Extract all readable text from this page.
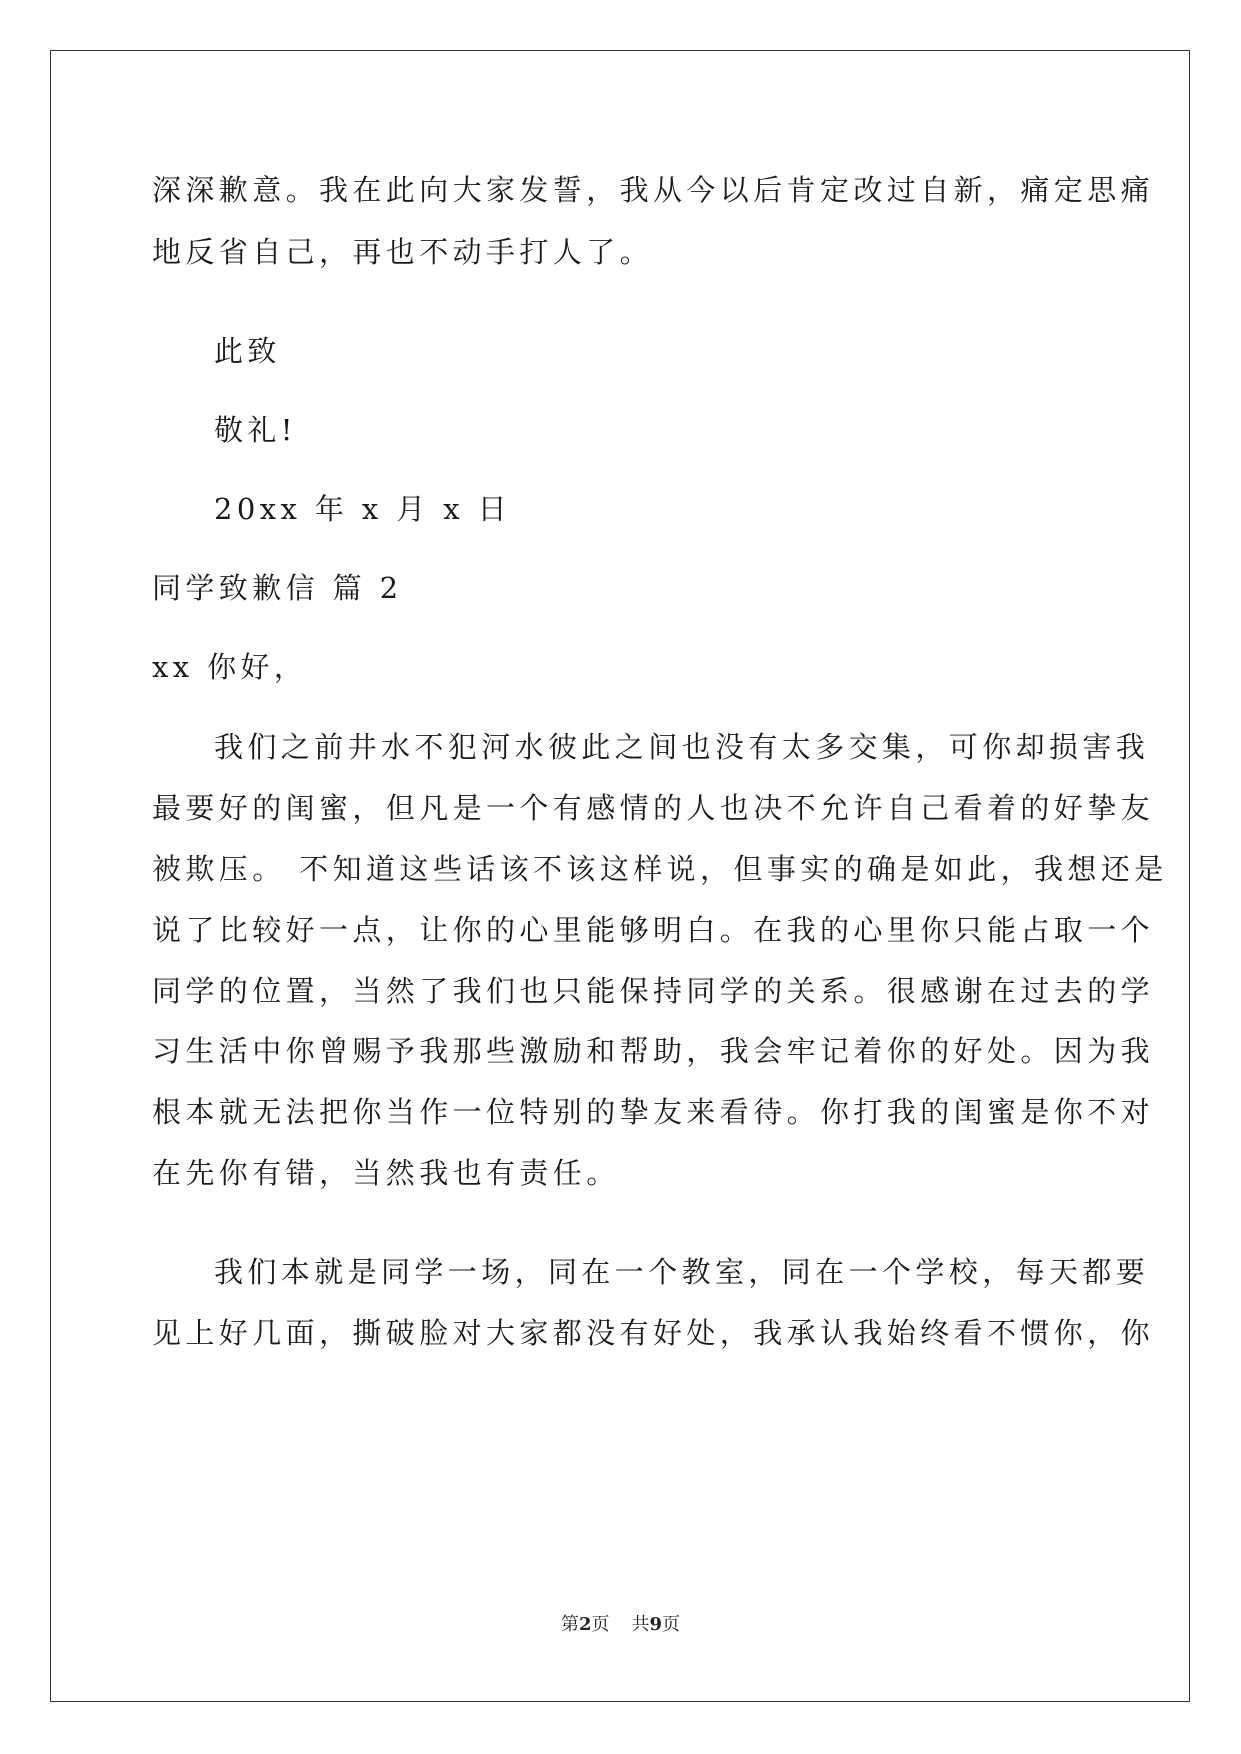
深深歉意。我在此向大家发誓，我从今以后肯定改过自新，痛定思痛
地反省自己，再也不动手打人了。
此致
敬礼!
20xx 年 x 月 x 日
同学致歉信 篇 2
xx 你好，
我们之前井水不犯河水彼此之间也没有太多交集，可你却损害我
最要好的闺蜜，但凡是一个有感情的人也决不允许自己看着的好挚友
被欺压。 不知道这些话该不该这样说，但事实的确是如此，我想还是
说了比较好一点，让你的心里能够明白。在我的心里你只能占取一个
同学的位置，当然了我们也只能保持同学的关系。很感谢在过去的学
习生活中你曾赐予我那些激励和帮助，我会牢记着你的好处。因为我
根本就无法把你当作一位特别的挚友来看待。你打我的闺蜜是你不对
在先你有错，当然我也有责任。
我们本就是同学一场，同在一个教室，同在一个学校，每天都要
见上好几面，撕破脸对大家都没有好处，我承认我始终看不惯你，你
第2页 共9页
